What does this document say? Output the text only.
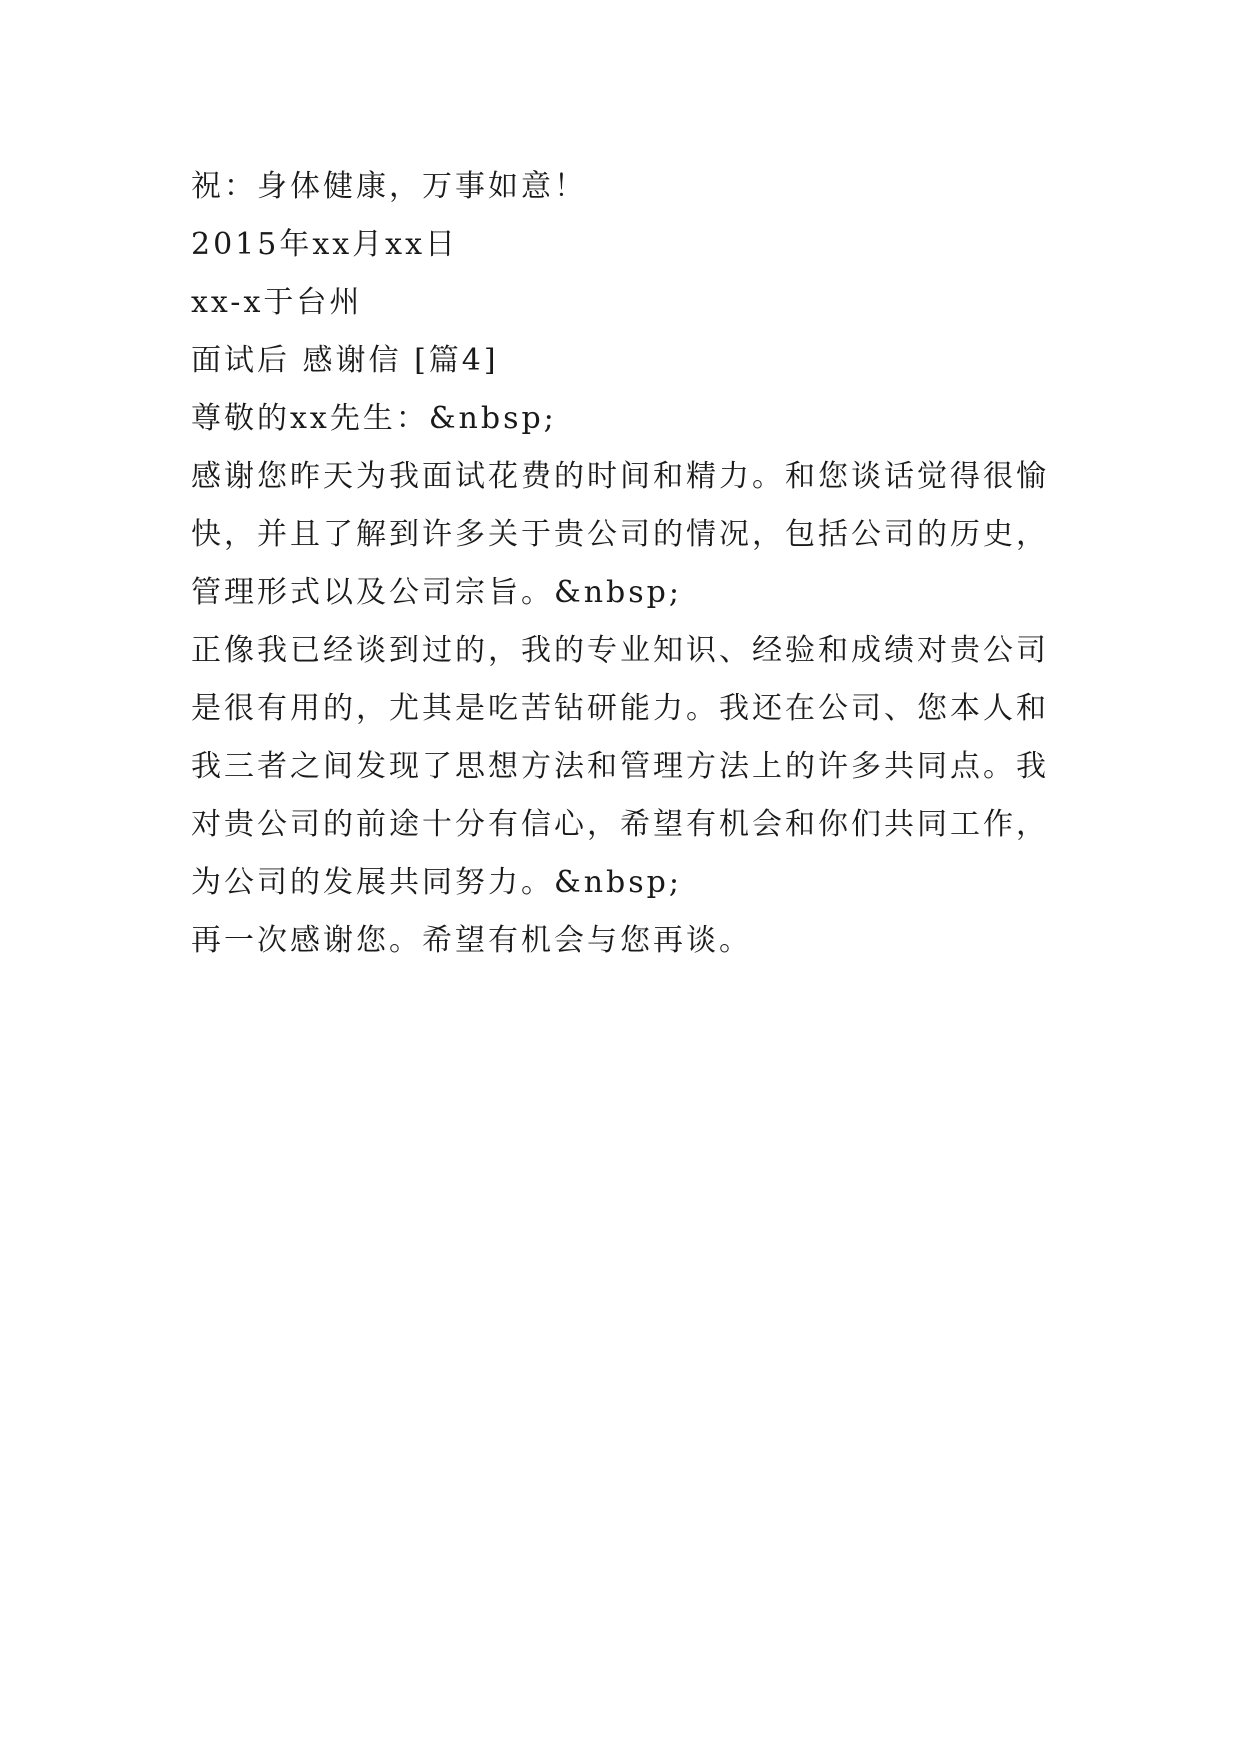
祝：身体健康，万事如意！
2015年xx月xx日
xx-x于台州
面试后 感谢信 [篇4]
尊敬的xx先生：&nbsp;
感谢您昨天为我面试花费的时间和精力。和您谈话觉得很愉
快，并且了解到许多关于贵公司的情况，包括公司的历史，
管理形式以及公司宗旨。&nbsp;
正像我已经谈到过的，我的专业知识、经验和成绩对贵公司
是很有用的，尤其是吃苦钻研能力。我还在公司、您本人和
我三者之间发现了思想方法和管理方法上的许多共同点。我
对贵公司的前途十分有信心，希望有机会和你们共同工作，
为公司的发展共同努力。&nbsp;
再一次感谢您。希望有机会与您再谈。
